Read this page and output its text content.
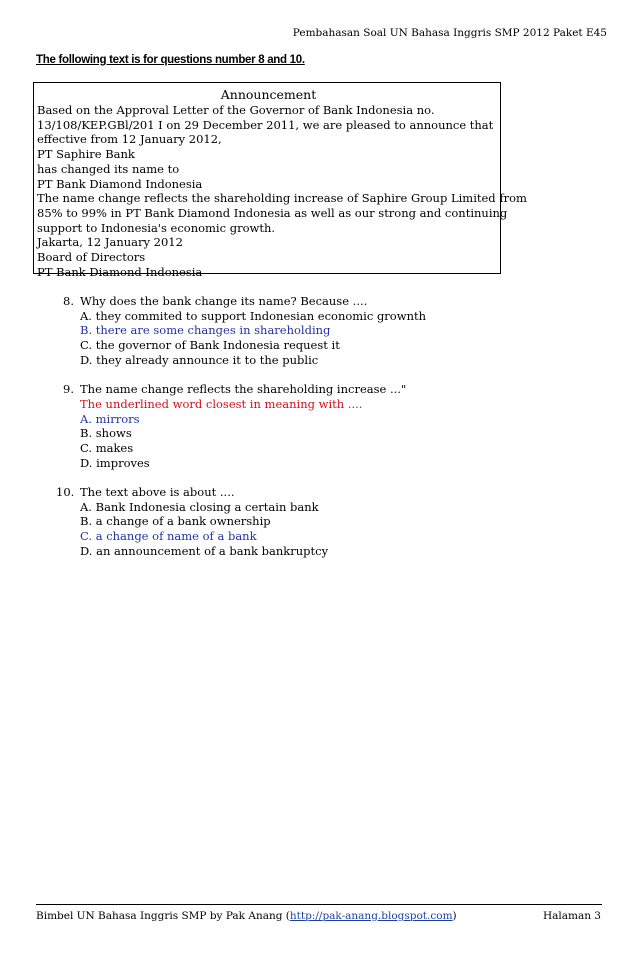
Pembahasan Soal UN Bahasa Inggris SMP 2012 Paket E45
The following text is for questions number 8 and 10.
Announcement
Based on the Approval Letter of the Governor of Bank Indonesia no.
13/108/KEP.GBl/201 I on 29 December 2011, we are pleased to announce that
effective from 12 January 2012,
PT Saphire Bank
has changed its name to
PT Bank Diamond Indonesia
The name change reflects the shareholding increase of Saphire Group Limited from
85% to 99% in PT Bank Diamond Indonesia as well as our strong and continuing
support to Indonesia's economic growth.
Jakarta, 12 January 2012
Board of Directors
PT Bank Diamond Indonesia
8. Why does the bank change its name? Because ....
A. they commited to support Indonesian economic grownth
B. there are some changes in shareholding
C. the governor of Bank Indonesia request it
D. they already announce it to the public
9. The name change reflects the shareholding increase ..."
The underlined word closest in meaning with ....
A. mirrors
B. shows
C. makes
D. improves
10. The text above is about ....
A. Bank Indonesia closing a certain bank
B. a change of a bank ownership
C. a change of name of a bank
D. an announcement of a bank bankruptcy
Bimbel UN Bahasa Inggris SMP by Pak Anang (http://pak-anang.blogspot.com)	Halaman 3
